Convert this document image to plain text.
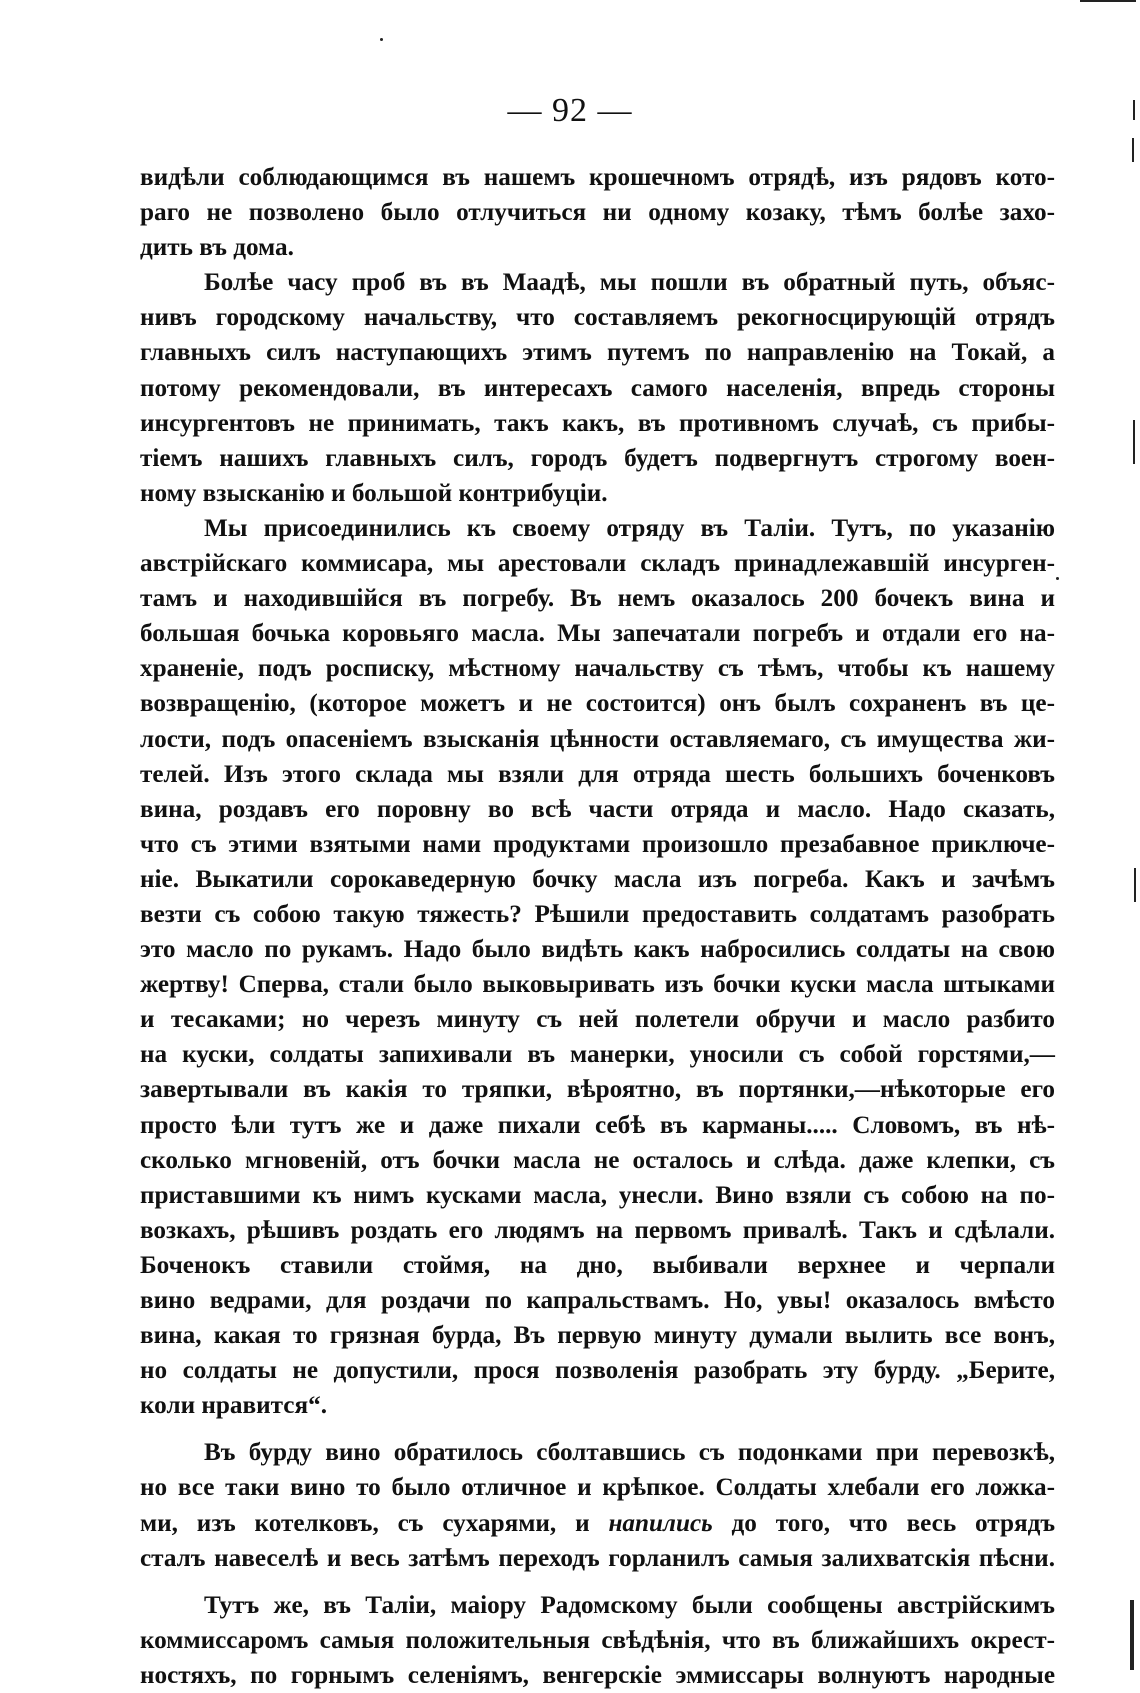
— 92 —

видѣли соблюдающимся въ нашемъ крошечномъ отрядѣ, изъ рядовъ кото-

раго не позволено было отлучиться ни одному козаку, тѣмъ болѣе захо-

дить въ дома.

Болѣе часу проб въ въ Маадѣ, мы пошли въ обратный путь, объяс-

нивъ городскому начальству, что составляемъ рекогносцирующій отрядъ

главныхъ силъ наступающихъ этимъ путемъ по направленію на Токай, а

потому рекомендовали, въ интересахъ самого населенія, впредь стороны

инсургентовъ не принимать, такъ какъ, въ противномъ случаѣ, съ прибы-

тіемъ нашихъ главныхъ силъ, городъ будетъ подвергнутъ строгому воен-

ному взысканію и большой контрибуціи.

Мы присоединились къ своему отряду въ Таліи. Тутъ, по указанію

австрійскаго коммисара, мы арестовали складъ принадлежавшій инсурген-

тамъ и находившійся въ погребу. Въ немъ оказалось 200 бочекъ вина и

большая бочька коровьяго масла. Мы запечатали погребъ и отдали его на-

храненіе, подъ росписку, мѣстному начальству съ тѣмъ, чтобы къ нашему

возвращенію, (которое можетъ и не состоится) онъ былъ сохраненъ въ це-

лости, подъ опасеніемъ взысканія цѣнности оставляемаго, съ имущества жи-

телей. Изъ этого склада мы взяли для отряда шесть большихъ боченковъ

вина, роздавъ его поровну во всѣ части отряда и масло. Надо сказать,

что съ этими взятыми нами продуктами произошло презабавное приключе-

ніе. Выкатили сорокаведерную бочку масла изъ погреба. Какъ и зачѣмъ

везти съ собою такую тяжесть? Рѣшили предоставить солдатамъ разобрать

это масло по рукамъ. Надо было видѣть какъ набросились солдаты на свою

жертву! Сперва, стали было выковыривать изъ бочки куски масла штыками

и тесаками; но черезъ минуту съ ней полетели обручи и масло разбито

на куски, солдаты запихивали въ манерки, уносили съ собой горстями,—

завертывали въ какія то тряпки, вѣроятно, въ портянки,—нѣкоторые его

просто ѣли тутъ же и даже пихали себѣ въ карманы..... Словомъ, въ нѣ-

сколько мгновеній, отъ бочки масла не осталось и слѣда. даже клепки, съ

приставшими къ нимъ кусками масла, унесли. Вино взяли съ собою на по-

возкахъ, рѣшивъ роздать его людямъ на первомъ привалѣ. Такъ и сдѣлали.

Боченокъ ставили стоймя, на дно, выбивали верхнее и черпали

вино ведрами, для роздачи по капральствамъ. Но, увы! оказалось вмѣсто

вина, какая то грязная бурда, Въ первую минуту думали вылить все вонъ,

но солдаты не допустили, прося позволенія разобрать эту бурду. „Берите,

коли нравится“.

Въ бурду вино обратилось сболтавшись съ подонками при перевозкѣ,

но все таки вино то было отличное и крѣпкое. Солдаты хлебали его ложка-

ми, изъ котелковъ, съ сухарями, и напились до того, что весь отрядъ

сталъ навеселѣ и весь затѣмъ переходъ горланилъ самыя залихватскія пѣсни.

Тутъ же, въ Таліи, маіору Радомскому были сообщены австрійскимъ

коммиссаромъ самыя положительныя свѣдѣнія, что въ ближайшихъ окрест-

ностяхъ, по горнымъ селеніямъ, венгерскіе эммиссары волнуютъ народные
